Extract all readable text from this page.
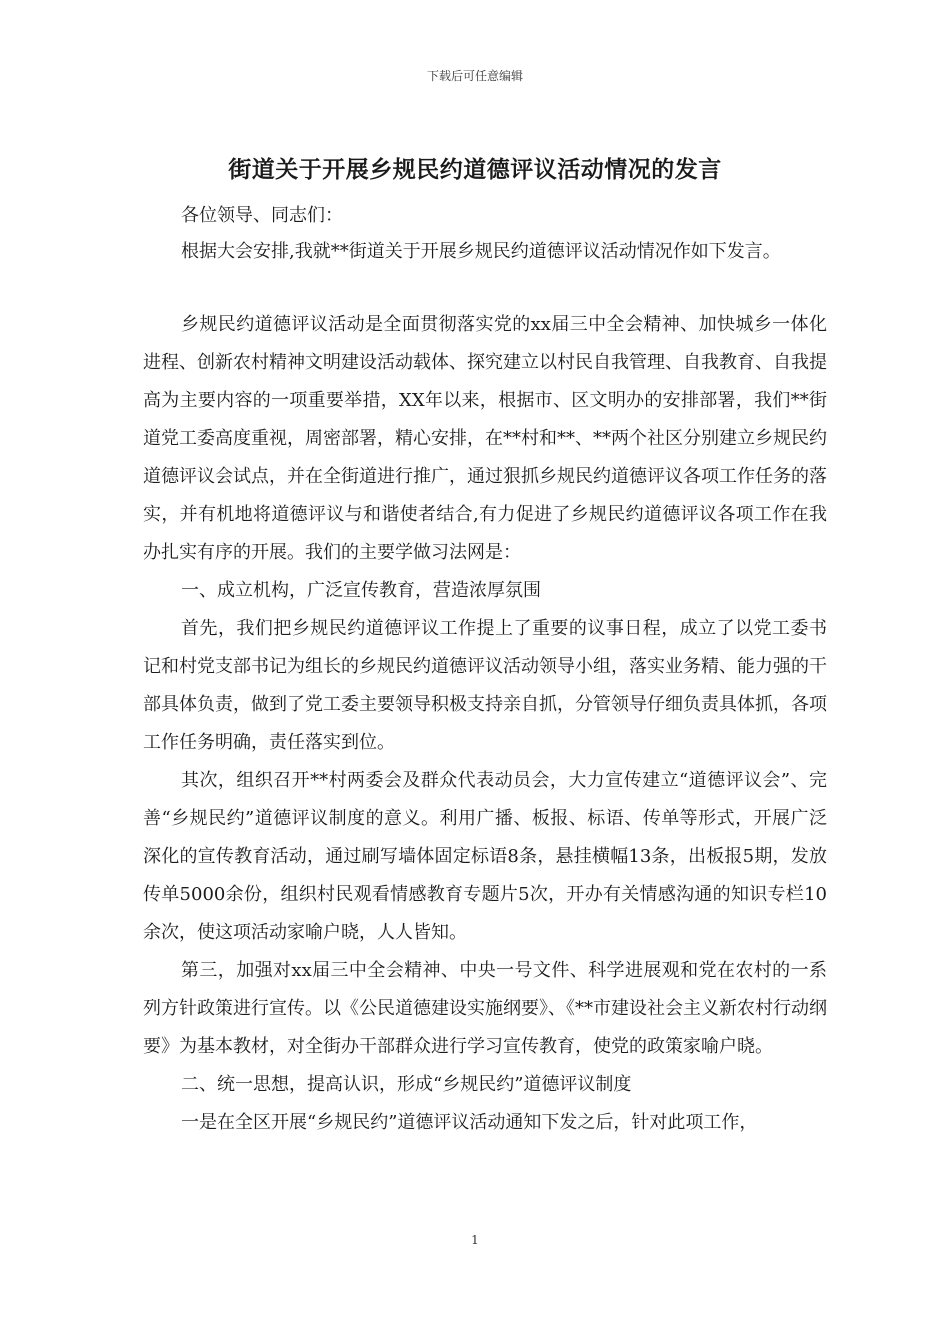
下载后可任意编辑
街道关于开展乡规民约道德评议活动情况的发言

各位领导、同志们：

根据大会安排,我就**街道关于开展乡规民约道德评议活动情况作如下发言。

乡规民约道德评议活动是全面贯彻落实党的xx届三中全会精神、加快城乡一体化进程、创新农村精神文明建设活动载体、探究建立以村民自我管理、自我教育、自我提高为主要内容的一项重要举措，XX年以来，根据市、区文明办的安排部署，我们**街道党工委高度重视，周密部署，精心安排，在**村和**、**两个社区分别建立乡规民约道德评议会试点，并在全街道进行推广，通过狠抓乡规民约道德评议各项工作任务的落实，并有机地将道德评议与和谐使者结合,有力促进了乡规民约道德评议各项工作在我办扎实有序的开展。我们的主要学做习法网是：

一、成立机构，广泛宣传教育，营造浓厚氛围

首先，我们把乡规民约道德评议工作提上了重要的议事日程，成立了以党工委书记和村党支部书记为组长的乡规民约道德评议活动领导小组，落实业务精、能力强的干部具体负责，做到了党工委主要领导积极支持亲自抓，分管领导仔细负责具体抓，各项工作任务明确，责任落实到位。

其次，组织召开**村两委会及群众代表动员会，大力宣传建立“道德评议会”、完善“乡规民约”道德评议制度的意义。利用广播、板报、标语、传单等形式，开展广泛深化的宣传教育活动，通过刷写墙体固定标语8条，悬挂横幅13条，出板报5期，发放传单5000余份，组织村民观看情感教育专题片5次，开办有关情感沟通的知识专栏10余次，使这项活动家喻户晓，人人皆知。

第三，加强对xx届三中全会精神、中央一号文件、科学进展观和党在农村的一系列方针政策进行宣传。以《公民道德建设实施纲要》、《**市建设社会主义新农村行动纲要》为基本教材，对全街办干部群众进行学习宣传教育，使党的政策家喻户晓。

二、统一思想，提高认识，形成“乡规民约”道德评议制度

一是在全区开展“乡规民约”道德评议活动通知下发之后，针对此项工作，

1
